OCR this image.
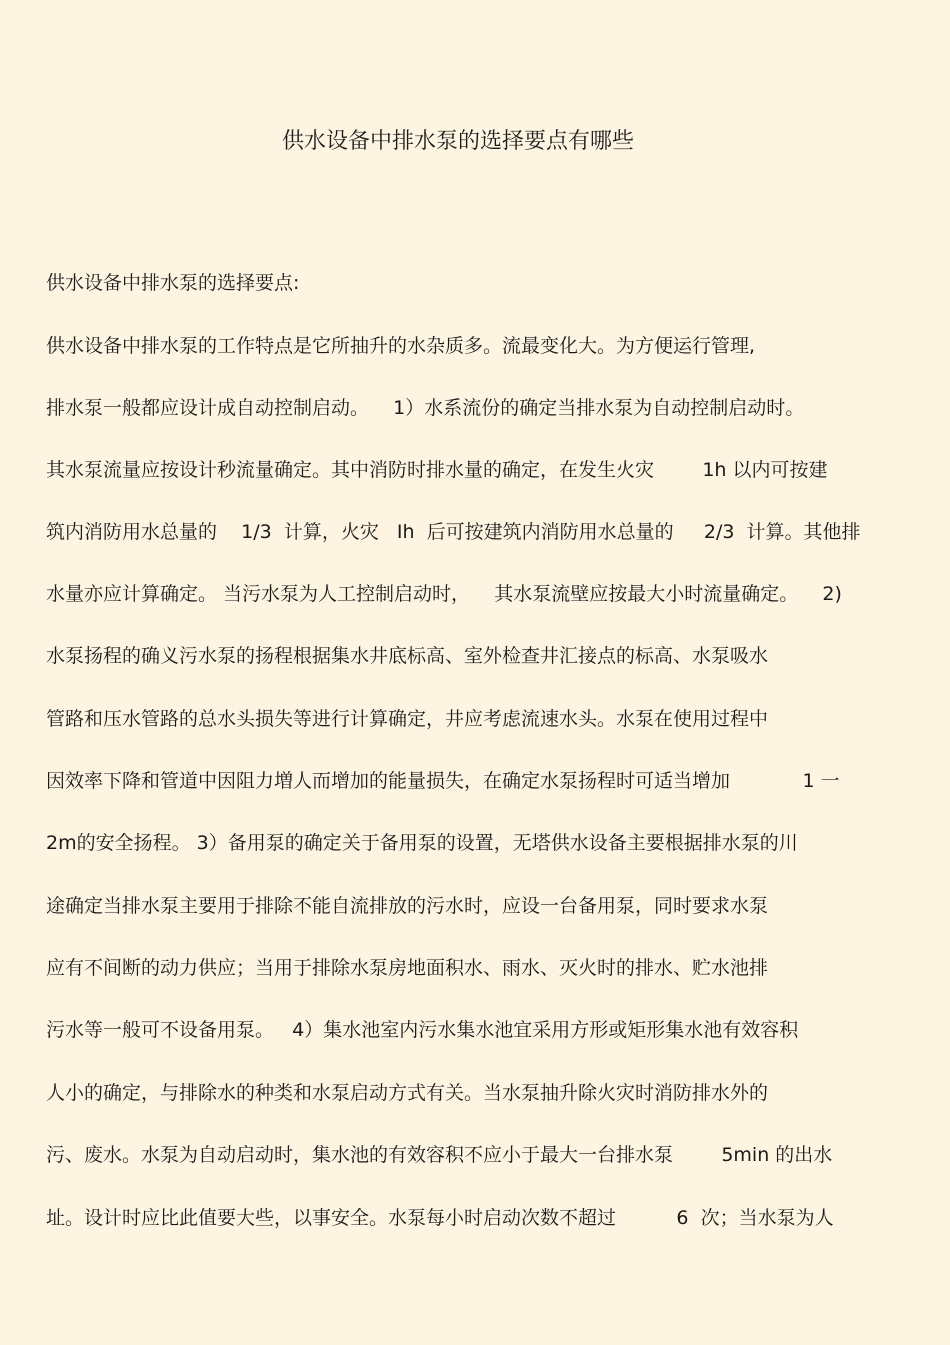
供水设备中排水泵的选择要点有哪些
供水设备中排水泵的选择要点:
供水设备中排水泵的工作特点是它所抽升的水杂质多。流最变化大。为方便运行管理,
排水泵一般都应设计成自动控制启动。    1）水系流份的确定当排水泵为自动控制启动时。
其水泵流量应按设计秒流量确定。其中消防时排水量的确定，在发生火灾        1h 以内可按建
筑内消防用水总量的    1/3  计算，火灾   Ih  后可按建筑内消防用水总量的     2/3  计算。其他排
水量亦应计算确定。 当污水泵为人工控制启动时，    其水泵流壁应按最大小时流量确定。    2)
水泵扬程的确义污水泵的扬程根据集水井底标高、室外检查井汇接点的标高、水泵吸水
管路和压水管路的总水头损失等进行计算确定，井应考虑流速水头。水泵在使用过程中
因效率下降和管道中因阻力増人而增加的能量损失，在确定水泵扬程时可适当增加            1 一
2m的安全扬程。 3）备用泵的确定关于备用泵的设置，无塔供水设备主要根据排水泵的川
途确定当排水泵主要用于排除不能自流排放的污水时，应设一台备用泵，同时要求水泵
应有不间断的动力供应；当用于排除水泵房地面积水、雨水、灭火时的排水、贮水池排
污水等一般可不设备用泵。   4）集水池室内污水集水池宜采用方形或矩形集水池有效容积
人小的确定，与排除水的种类和水泵启动方式有关。当水泵抽升除火灾时消防排水外的
污、废水。水泵为自动启动时，集水池的有效容积不应小于最大一台排水泵        5min 的出水
址。设计时应比此值要大些，以事安全。水泵每小时启动次数不超过          6  次；当水泵为人
